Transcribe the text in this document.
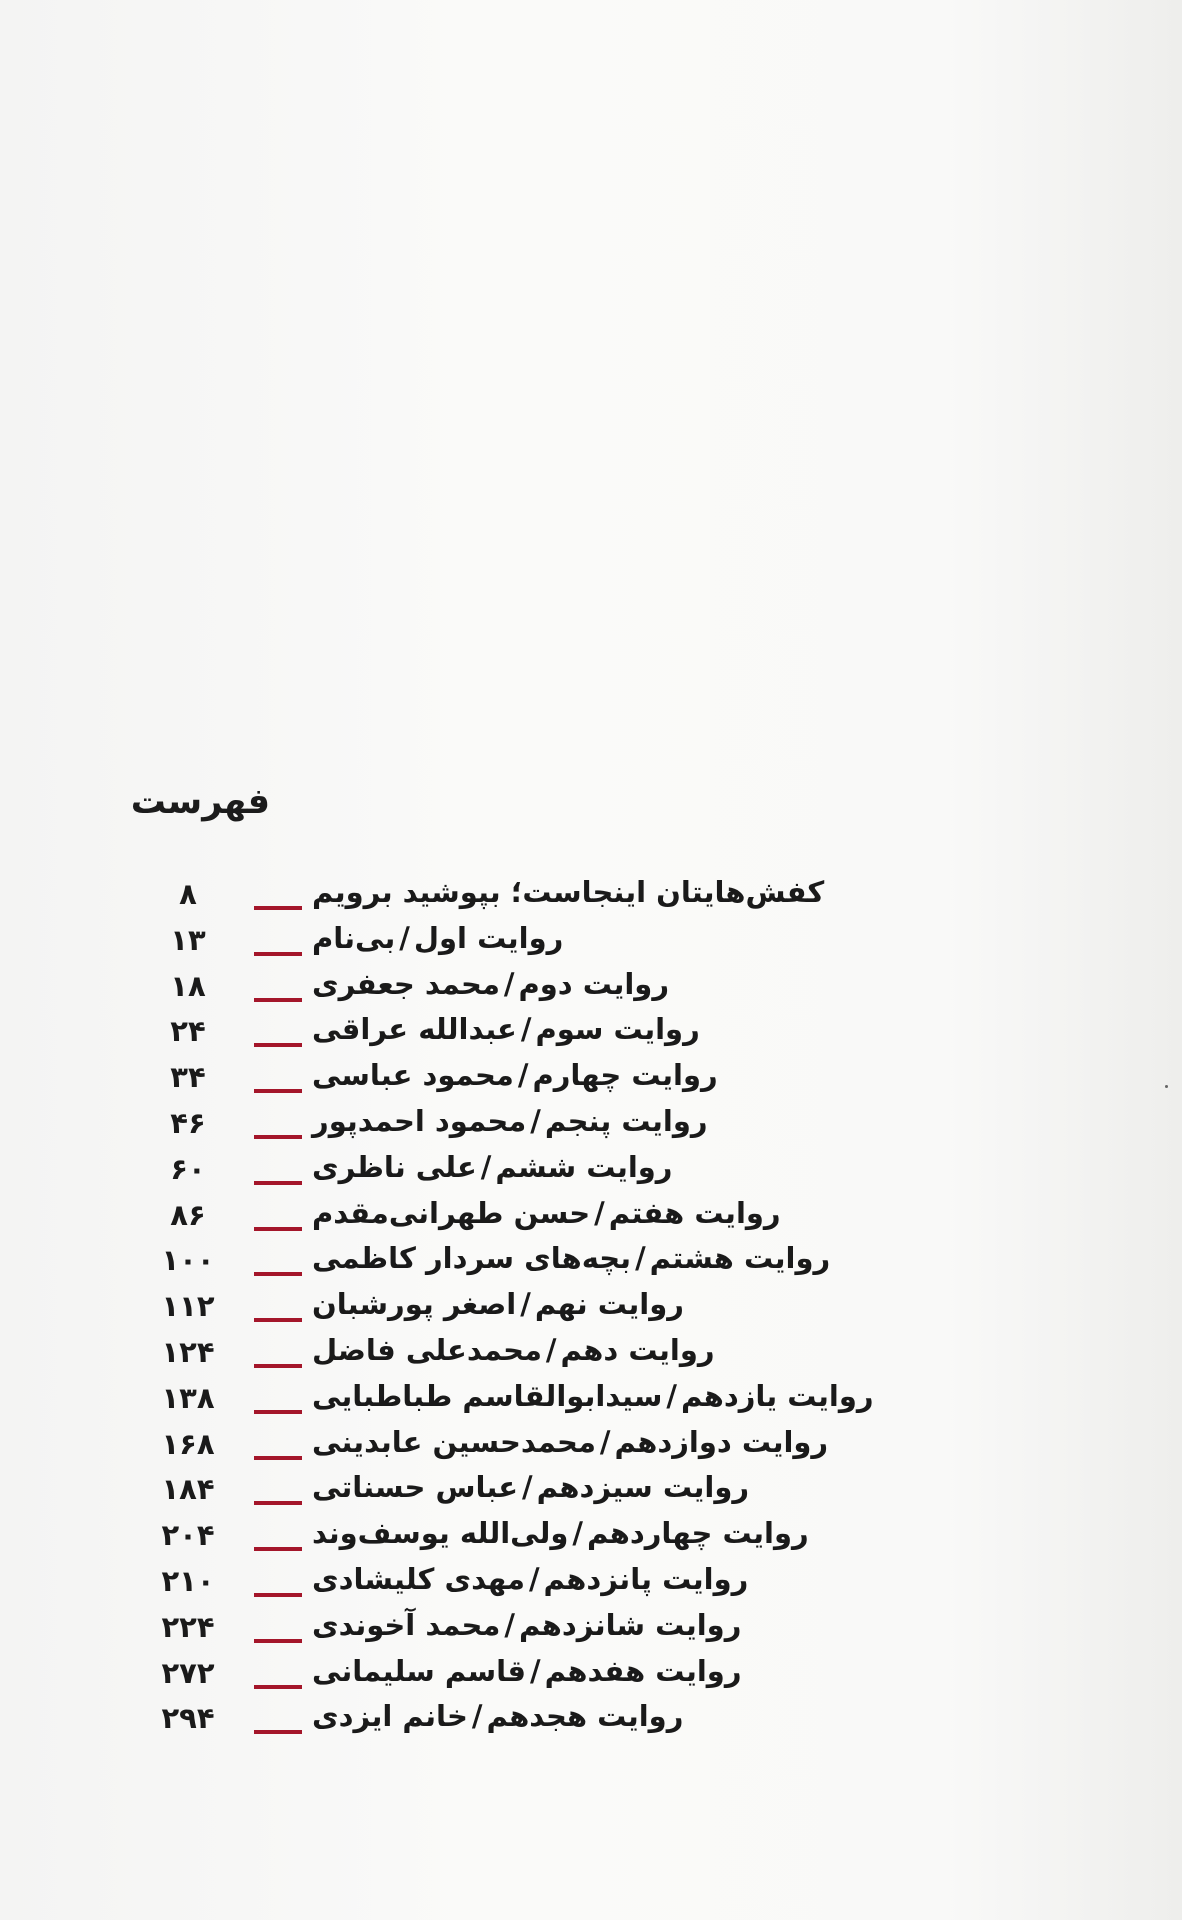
فهرست
۸	کفش‌هایتان اینجاست؛ بپوشید برویم
۱۳	روایت اول/بی‌نام
۱۸	روایت دوم/محمد جعفری
۲۴	روایت سوم/عبدالله عراقی
۳۴	روایت چهارم/محمود عباسی
۴۶	روایت پنجم/محمود احمدپور
۶۰	روایت ششم/علی ناظری
۸۶	روایت هفتم/حسن طهرانی‌مقدم
۱۰۰	روایت هشتم/بچه‌های سردار کاظمی
۱۱۲	روایت نهم/اصغر پورشبان
۱۲۴	روایت دهم/محمدعلی فاضل
۱۳۸	روایت یازدهم/سیدابوالقاسم طباطبایی
۱۶۸	روایت دوازدهم/محمدحسین عابدینی
۱۸۴	روایت سیزدهم/عباس حسناتی
۲۰۴	روایت چهاردهم/ولی‌الله یوسف‌وند
۲۱۰	روایت پانزدهم/مهدی کلیشادی
۲۲۴	روایت شانزدهم/محمد آخوندی
۲۷۲	روایت هفدهم/قاسم سلیمانی
۲۹۴	روایت هجدهم/خانم ایزدی
